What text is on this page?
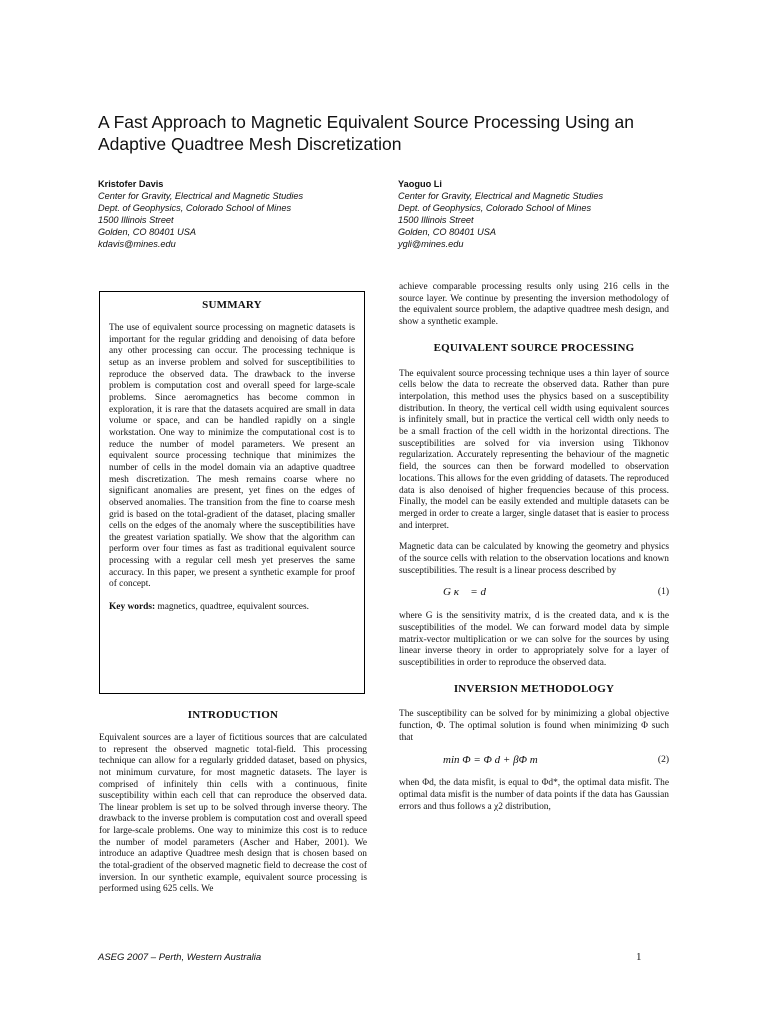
A Fast Approach to Magnetic Equivalent Source Processing Using an Adaptive Quadtree Mesh Discretization
Kristofer Davis
Center for Gravity, Electrical and Magnetic Studies
Dept. of Geophysics, Colorado School of Mines
1500 Illinois Street
Golden, CO 80401 USA
kdavis@mines.edu
Yaoguo Li
Center for Gravity, Electrical and Magnetic Studies
Dept. of Geophysics, Colorado School of Mines
1500 Illinois Street
Golden, CO 80401 USA
ygli@mines.edu
SUMMARY

The use of equivalent source processing on magnetic datasets is important for the regular gridding and denoising of data before any other processing can occur. The processing technique is setup as an inverse problem and solved for susceptibilities to reproduce the observed data. The drawback to the inverse problem is computation cost and overall speed for large-scale problems. Since aeromagnetics has become common in exploration, it is rare that the datasets acquired are small in data volume or space, and can be handled rapidly on a single workstation. One way to minimize the computational cost is to reduce the number of model parameters. We present an equivalent source processing technique that minimizes the number of cells in the model domain via an adaptive quadtree mesh discretization. The mesh remains coarse where no significant anomalies are present, yet fines on the edges of observed anomalies. The transition from the fine to coarse mesh grid is based on the total-gradient of the dataset, placing smaller cells on the edges of the anomaly where the susceptibilities have the greatest variation spatially. We show that the algorithm can perform over four times as fast as traditional equivalent source processing with a regular cell mesh yet preserves the same accuracy. In this paper, we present a synthetic example for proof of concept.

Key words: magnetics, quadtree, equivalent sources.

INTRODUCTION

Equivalent sources are a layer of fictitious sources that are calculated to represent the observed magnetic total-field. This processing technique can allow for a regularly gridded dataset, based on physics, not minimum curvature, for most magnetic datasets. The layer is comprised of infinitely thin cells with a continuous, finite susceptibility within each cell that can reproduce the observed data. The linear problem is set up to be solved through inverse theory. The drawback to the inverse problem is computation cost and overall speed for large-scale problems. One way to minimize this cost is to reduce the number of model parameters (Ascher and Haber, 2001). We introduce an adaptive Quadtree mesh design that is chosen based on the total-gradient of the observed magnetic field to decrease the cost of inversion. In our synthetic example, equivalent source processing is performed using 625 cells. We

achieve comparable processing results only using 216 cells in the source layer. We continue by presenting the inversion methodology of the equivalent source problem, the adaptive quadtree mesh design, and show a synthetic example.

EQUIVALENT SOURCE PROCESSING

The equivalent source processing technique uses a thin layer of source cells below the data to recreate the observed data. Rather than pure interpolation, this method uses the physics based on a susceptibility distribution. In theory, the vertical cell width using equivalent sources is infinitely small, but in practice the vertical cell width only needs to be a small fraction of the cell width in the horizontal directions. The susceptibilities are solved for via inversion using Tikhonov regularization. Accurately representing the behaviour of the magnetic field, the sources can then be forward modelled to observation locations. This allows for the even gridding of datasets. The reproduced data is also denoised of higher frequencies because of this process. Finally, the model can be easily extended and multiple datasets can be merged in order to create a larger, single dataset that is easier to process and interpret.

Magnetic data can be calculated by knowing the geometry and physics of the source cells with relation to the observation locations and known susceptibilities. The result is a linear process described by

G κ⃗ = d⃗	(1)

where G is the sensitivity matrix, d is the created data, and κ is the susceptibilities of the model. We can forward model data by simple matrix-vector multiplication or we can solve for the sources by using linear inverse theory in order to appropriately solve for a layer of susceptibilities in order to reproduce the observed data.

INVERSION METHODOLOGY

The susceptibility can be solved for by minimizing a global objective function, Φ. The optimal solution is found when minimizing Φ such that

min Φ = Φ d + βΦ m	(2)

when Φd, the data misfit, is equal to Φd*, the optimal data misfit. The optimal data misfit is the number of data points if the data has Gaussian errors and thus follows a χ2 distribution,

ASEG 2007 – Perth, Western Australia	1
